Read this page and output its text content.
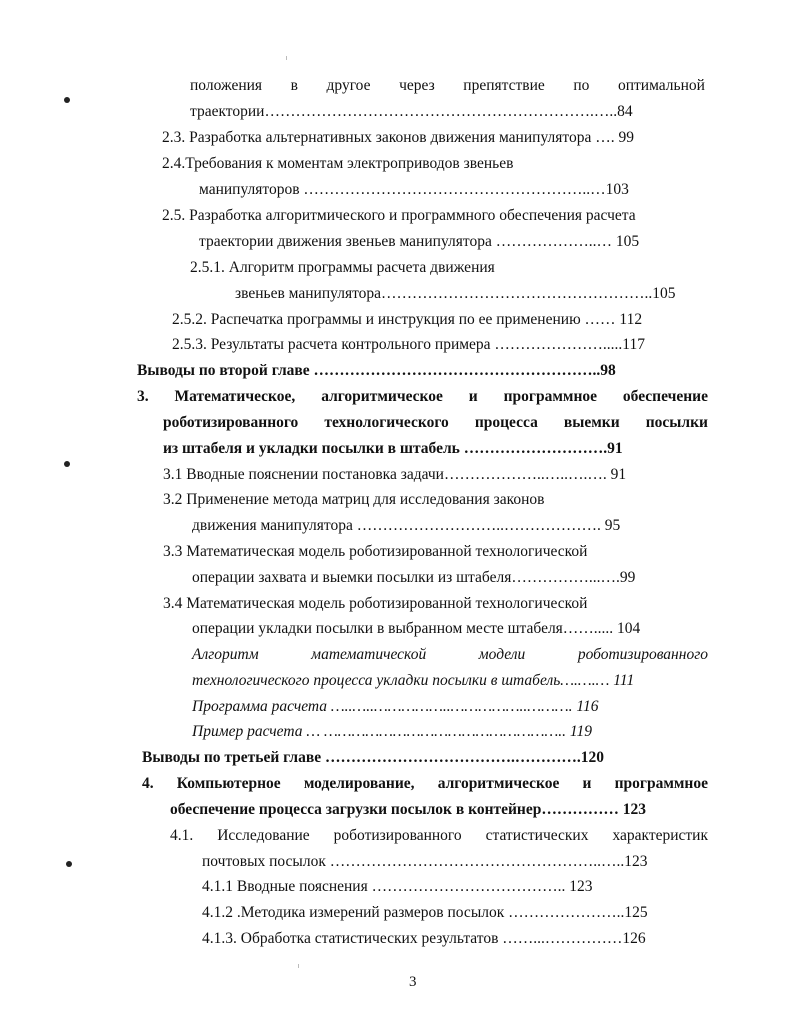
положения в другое через препятствие по оптимальной
траектории……………………………………………………….…..84
2.3. Разработка альтернативных законов движения манипулятора …. 99
2.4.Требования к моментам электроприводов звеньев
манипуляторов ………………………………………………..…103
2.5. Разработка алгоритмического и программного обеспечения расчета
траектории движения звеньев манипулятора ………………..… 105
2.5.1. Алгоритм программы расчета движения
звеньев манипулятора……………………………………………..105
2.5.2. Распечатка программы и инструкция по ее применению …… 112
2.5.3. Результаты расчета контрольного примера ………………….....117
Выводы по второй главе ………………………………………………..98
3. Математическое, алгоритмическое и программное обеспечение
роботизированного технологического процесса выемки посылки
из штабеля и укладки посылки в штабель ……………………….91
3.1 Вводные пояснении постановка задачи………………..…..….…. 91
3.2 Применение метода матриц для исследования законов
движения манипулятора ………………………..………………. 95
3.3 Математическая модель роботизированной технологической
операции захвата и выемки посылки из штабеля……………...….99
3.4 Математическая модель роботизированной технологической
операции укладки посылки в выбранном месте штабеля……..... 104
Алгоритм	математической	модели	роботизированного
технологического процесса укладки посылки в штабель….….… 111
Программа расчета …..…..……………..……………..………. 116
Пример расчета … …………………………………………….. 119
Выводы по третьей главе ……………………………….………….120
4. Компьютерное моделирование, алгоритмическое и программное
обеспечение процесса загрузки посылок в контейнер…………… 123
4.1. Исследование роботизированного статистических характеристик
почтовых посылок ……………………………………………..…..123
4.1.1 Вводные пояснения ……………………………….. 123
4.1.2 .Методика измерений размеров посылок …………………..125
4.1.3. Обработка статистических результатов ……...……………126
3
